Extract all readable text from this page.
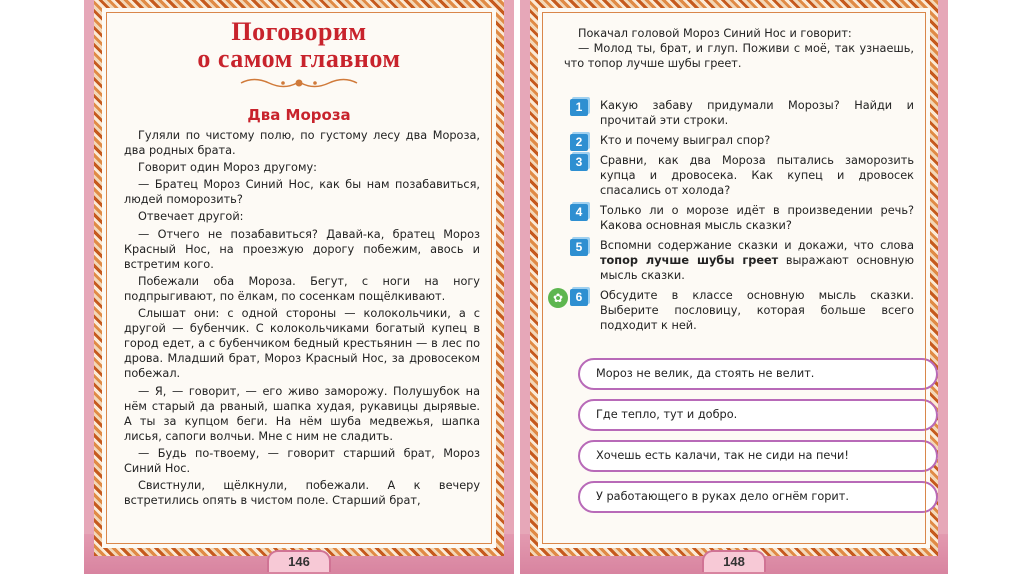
Поговорим
о самом главном
Два Мороза

Гуляли по чистому полю, по густому лесу два Мороза, два родных брата.

Говорит один Мороз другому:

— Братец Мороз Синий Нос, как бы нам позабавиться, людей поморозить?

Отвечает другой:

— Отчего не позабавиться? Давай-ка, братец Мороз Красный Нос, на проезжую дорогу побежим, авось и встретим кого.

Побежали оба Мороза. Бегут, с ноги на ногу подпрыгивают, по ёлкам, по сосенкам пощёлкивают.

Слышат они: с одной стороны — колокольчики, а с другой — бубенчик. С колокольчиками богатый купец в город едет, а с бубенчиком бедный крестьянин — в лес по дрова. Младший брат, Мороз Красный Нос, за дровосеком побежал.

— Я, — говорит, — его живо заморожу. Полушубок на нём старый да рваный, шапка худая, рукавицы дырявые. А ты за купцом беги. На нём шуба медвежья, шапка лисья, сапоги волчьи. Мне с ним не сладить.

— Будь по-твоему, — говорит старший брат, Мороз Синий Нос.

Свистнули, щёлкнули, побежали. А к вечеру встретились опять в чистом поле. Старший брат,

146

Покачал головой Мороз Синий Нос и говорит:

— Молод ты, брат, и глуп. Поживи с моё, так узнаешь, что топор лучше шубы греет.

1	Какую забаву придумали Морозы? Найди и прочитай эти строки.
2	Кто и почему выиграл спор?
3	Сравни, как два Мороза пытались заморозить купца и дровосека. Как купец и дровосек спасались от холода?
4	Только ли о морозе идёт в произведении речь? Какова основная мысль сказки?
5	Вспомни содержание сказки и докажи, что слова топор лучше шубы греет выражают основную мысль сказки.
✿	6	Обсудите в классе основную мысль сказки. Выберите пословицу, которая больше всего подходит к ней.
Мороз не велик, да стоять не велит.
Где тепло, тут и добро.
Хочешь есть калачи, так не сиди на печи!
У работающего в руках дело огнём горит.
148
